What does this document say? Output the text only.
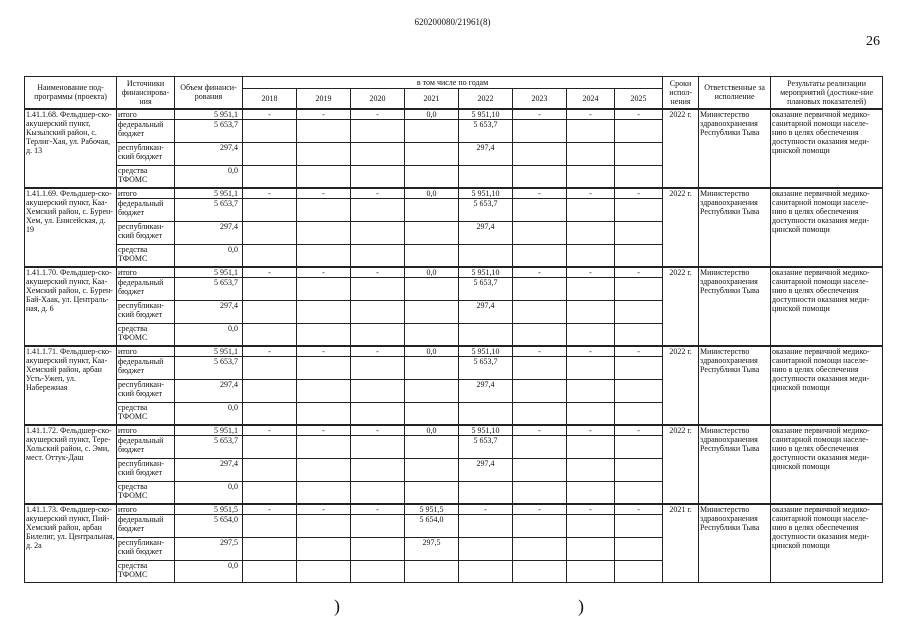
620200080/21961(8)
26
Наименование под-программы (проекта)	Источники финансирова-ния	Объем финанси-рования	в том числе по годам								Сроки испол-нения	Ответственные за исполнение	Результаты реализации мероприятий (достиже-ние плановых показателей)
			2018	2019	2020	2021	2022	2023	2024	2025			
1.41.1.68. Фельдшер-ско-акушерский пункт, Кызылский район, с. Терлиг-Хая, ул. Рабочая, д. 13	итого	5 951,1	-	-	-	0,0	5 951,10	-	-	-	2022 г.	Министерство здравоохранения Республики Тыва	оказание первичной медико-санитарной помощи населе-нию в целях обеспечения доступности оказания меди-цинской помощи
	федеральный бюджет	5 653,7					5 653,7						
	республикан-ский бюджет	297,4					297,4						
	средства ТФОМС	0,0											
1.41.1.69. Фельдшер-ско-акушерский пункт, Каа-Хемский район, с. Бурен-Хем, ул. Енисейская, д. 19	итого	5 951,1	-	-	-	0,0	5 951,10	-	-	-	2022 г.	Министерство здравоохранения Республики Тыва	оказание первичной медико-санитарной помощи населе-нию в целях обеспечения доступности оказания меди-цинской помощи
	федеральный бюджет	5 653,7					5 653,7						
	республикан-ский бюджет	297,4					297,4						
	средства ТФОМС	0,0											
1.41.1.70. Фельдшер-ско-акушерский пункт, Каа-Хемский район, с. Бурен-Бай-Хаак, ул. Централь-ная, д. 6	итого	5 951,1	-	-	-	0,0	5 951,10	-	-	-	2022 г.	Министерство здравоохранения Республики Тыва	оказание первичной медико-санитарной помощи населе-нию в целях обеспечения доступности оказания меди-цинской помощи
	федеральный бюджет	5 653,7					5 653,7						
	республикан-ский бюджет	297,4					297,4						
	средства ТФОМС	0,0											
1.41.1.71. Фельдшер-ско-акушерский пункт, Каа-Хемский район, арбан Усть-Ужеп, ул. Набережная	итого	5 951,1	-	-	-	0,0	5 951,10	-	-	-	2022 г.	Министерство здравоохранения Республики Тыва	оказание первичной медико-санитарной помощи населе-нию в целях обеспечения доступности оказания меди-цинской помощи
	федеральный бюджет	5 653,7					5 653,7						
	республикан-ский бюджет	297,4					297,4						
	средства ТФОМС	0,0											
1.41.1.72. Фельдшер-ско-акушерский пункт, Тере-Хольский район, с. Эми, мест. Оттук-Даш	итого	5 951,1	-	-	-	0,0	5 951,10	-	-	-	2022 г.	Министерство здравоохранения Республики Тыва	оказание первичной медико-санитарной помощи населе-нию в целях обеспечения доступности оказания меди-цинской помощи
	федеральный бюджет	5 653,7					5 653,7						
	республикан-ский бюджет	297,4					297,4						
	средства ТФОМС	0,0											
1.41.1.73. Фельдшер-ско-акушерский пункт, Пий-Хемский район, арбан Билелиг, ул. Центральная, д. 2а	итого	5 951,5	-	-	-	5 951,5	-	-	-	-	2021 г.	Министерство здравоохранения Республики Тыва	оказание первичной медико-санитарной помощи населе-нию в целях обеспечения доступности оказания меди-цинской помощи
	федеральный бюджет	5 654,0				5 654,0							
	республикан-ский бюджет	297,5				297,5							
	средства ТФОМС	0,0											
)	)
